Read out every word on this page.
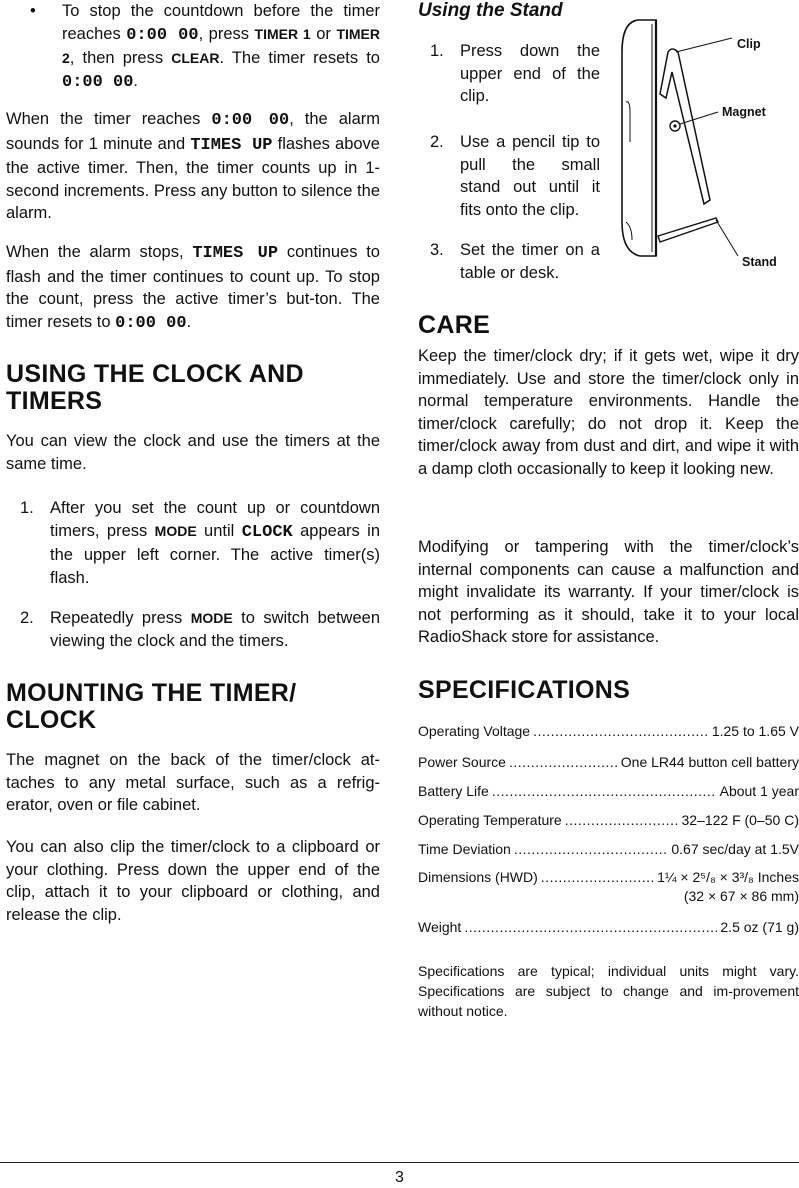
•	To stop the countdown before the timer reaches 0:00 00, press TIMER 1 or TIMER 2, then press CLEAR. The timer resets to 0:00 00.

When the timer reaches 0:00 00, the alarm sounds for 1 minute and TIMES UP flashes above the active timer. Then, the timer counts up in 1-second increments. Press any button to silence the alarm.

When the alarm stops, TIMES UP continues to flash and the timer continues to count up. To stop the count, press the active timer’s but-ton. The timer resets to 0:00 00.

USING THE CLOCK AND TIMERS

You can view the clock and use the timers at the same time.

1. After you set the count up or countdown timers, press MODE until CLOCK appears in the upper left corner. The active timer(s) flash.

2. Repeatedly press MODE to switch between viewing the clock and the timers.

MOUNTING THE TIMER/ CLOCK

The magnet on the back of the timer/clock at-taches to any metal surface, such as a refrig-erator, oven or file cabinet.

You can also clip the timer/clock to a clipboard or your clothing. Press down the upper end of the clip, attach it to your clipboard or clothing, and release the clip.

Using the Stand
1. Press down the upper end of the clip.

2. Use a pencil tip to pull the small stand out until it fits onto the clip.

3. Set the timer on a table or desk.

Clip
Magnet
Stand
CARE

Keep the timer/clock dry; if it gets wet, wipe it dry immediately. Use and store the timer/clock only in normal temperature environments. Handle the timer/clock carefully; do not drop it. Keep the timer/clock away from dust and dirt, and wipe it with a damp cloth occasionally to keep it looking new.

Modifying or tampering with the timer/clock’s internal components can cause a malfunction and might invalidate its warranty. If your timer/clock is not performing as it should, take it to your local RadioShack store for assistance.

SPECIFICATIONS
Operating Voltage .....	1.25 to 1.65 V
Power Source .....	One LR44 button cell battery
Battery Life .....	About 1 year
Operating Temperature .....	32–122 F (0–50 C)
Time Deviation .....	0.67 sec/day at 1.5V
Dimensions (HWD) .....	1¼ × 2⁵/₈ × 3³/₈ Inches
(32 × 67 × 86 mm)
Weight .....	2.5 oz (71 g)

Specifications are typical; individual units might vary. Specifications are subject to change and im-provement without notice.

3
